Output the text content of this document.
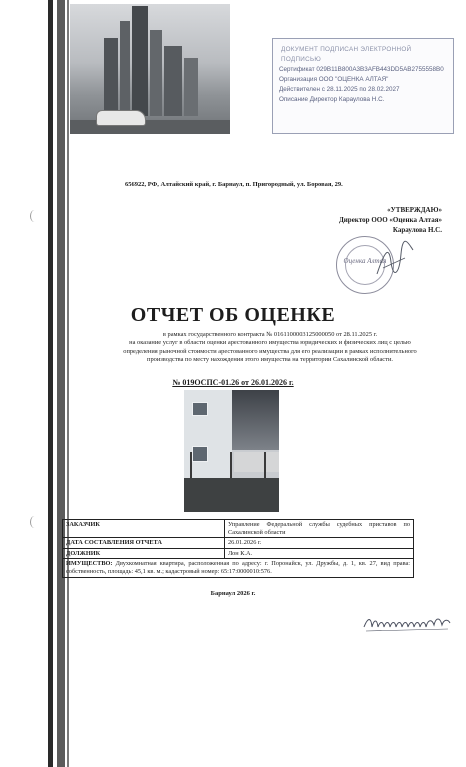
ДОКУМЕНТ ПОДПИСАН ЭЛЕКТРОННОЙ ПОДПИСЬЮ
Сертификат 029B11B800A3B3AFB443DD5AB2755558B0
Организация ООО "ОЦЕНКА АЛТАЯ"
Действителен с 28.11.2025 по 28.02.2027
Описание Директор Караулова Н.С.
656922, РФ, Алтайский край, г. Барнаул, п. Пригородный, ул. Боровая, 29.
«УТВЕРЖДАЮ»
Директор ООО «Оценка Алтая»
Караулова Н.С.
Оценка Алтая
ОТЧЕТ ОБ ОЦЕНКЕ
в рамках государственного контракта № 0161100003125000050 от 28.11.2025 г.
на оказание услуг в области оценки арестованного имущества юридических и физических лиц с целью
определения рыночной стоимости арестованного имущества для его реализации в рамках исполнительного
производства по месту нахождения этого имущества на территории Сахалинской области.
№ 019ОСПС-01.26 от 26.01.2026 г.
ЗАКАЗЧИК	Управление Федеральной службы судебных приставов по Сахалинской области
ДАТА СОСТАВЛЕНИЯ ОТЧЕТА	26.01.2026 г.
ДОЛЖНИК	Лон К.А.
ИМУЩЕСТВО: Двухкомнатная квартира, расположенная по адресу: г. Поронайск, ул. Дружбы, д. 1, кв. 27, вид права: собственность, площадь: 45,1 кв. м.; кадастровый номер: 65:17:0000010:576.	
Барнаул 2026 г.
